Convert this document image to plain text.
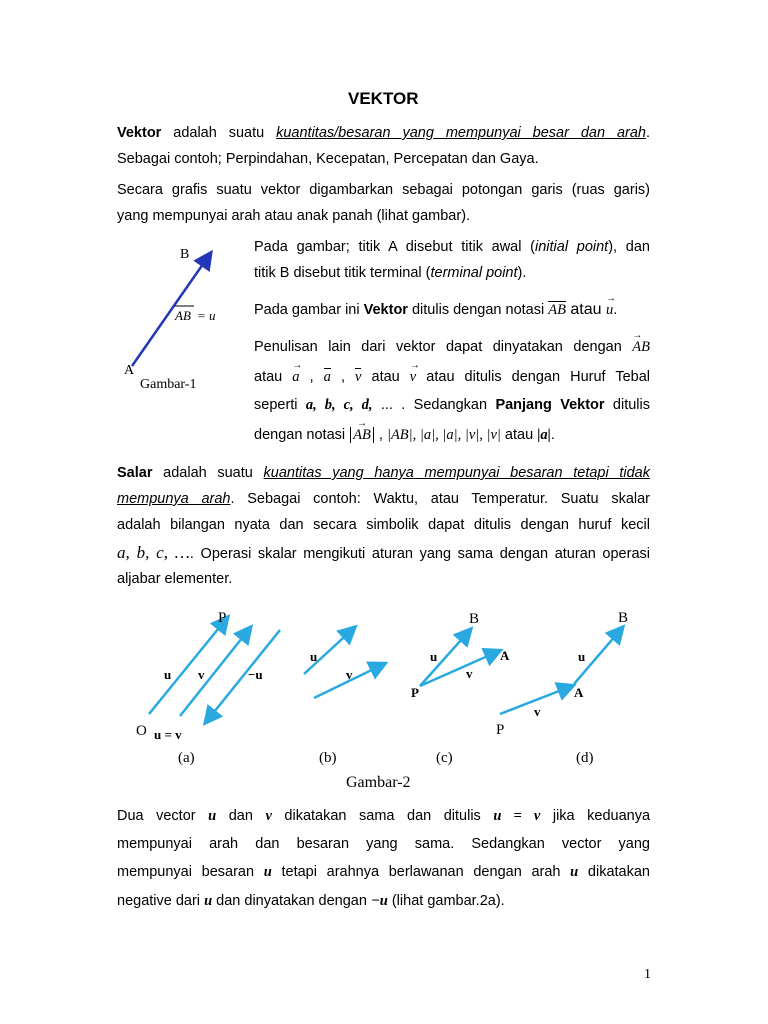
VEKTOR

Vektor adalah suatu kuantitas/besaran yang mempunyai besar dan arah.

Sebagai contoh; Perpindahan, Kecepatan, Percepatan dan Gaya.

Secara grafis suatu vektor digambarkan sebagai potongan garis (ruas garis)

yang mempunyai arah atau anak panah (lihat gambar).

B
A
AB = u
Gambar-1

Pada gambar; titik A disebut titik awal (initial point), dan

titik B disebut titik terminal (terminal point).

Pada gambar ini Vektor ditulis dengan notasi AB atau → u.

Penulisan lain dari vektor dapat dinyatakan dengan → AB

atau → a , a , v atau → v atau ditulis dengan Huruf Tebal

seperti a, b, c, d, ... . Sedangkan Panjang Vektor ditulis

dengan notasi → AB , |AB|, |a|, |a|, |v|, |v| atau |a|.

Salar adalah suatu kuantitas yang hanya mempunyai besaran tetapi tidak

mempunya arah. Sebagai contoh: Waktu, atau Temperatur. Suatu skalar

adalah bilangan nyata dan secara simbolik dapat ditulis dengan huruf kecil

a, b, c, …. Operasi skalar mengikuti aturan yang sama dengan aturan operasi

aljabar elementer.

P
u v	−u
O u = v
(a)
u
v
(b)
B
u	A
P
v
(c)
B
u
A
v
P
(d)
Gambar-2

Dua vector u dan v dikatakan sama dan ditulis u = v jika keduanya

mempunyai arah dan besaran yang sama. Sedangkan vector yang

mempunyai besaran u tetapi arahnya berlawanan dengan arah u dikatakan

negative dari u dan dinyatakan dengan −u (lihat gambar.2a).

1
